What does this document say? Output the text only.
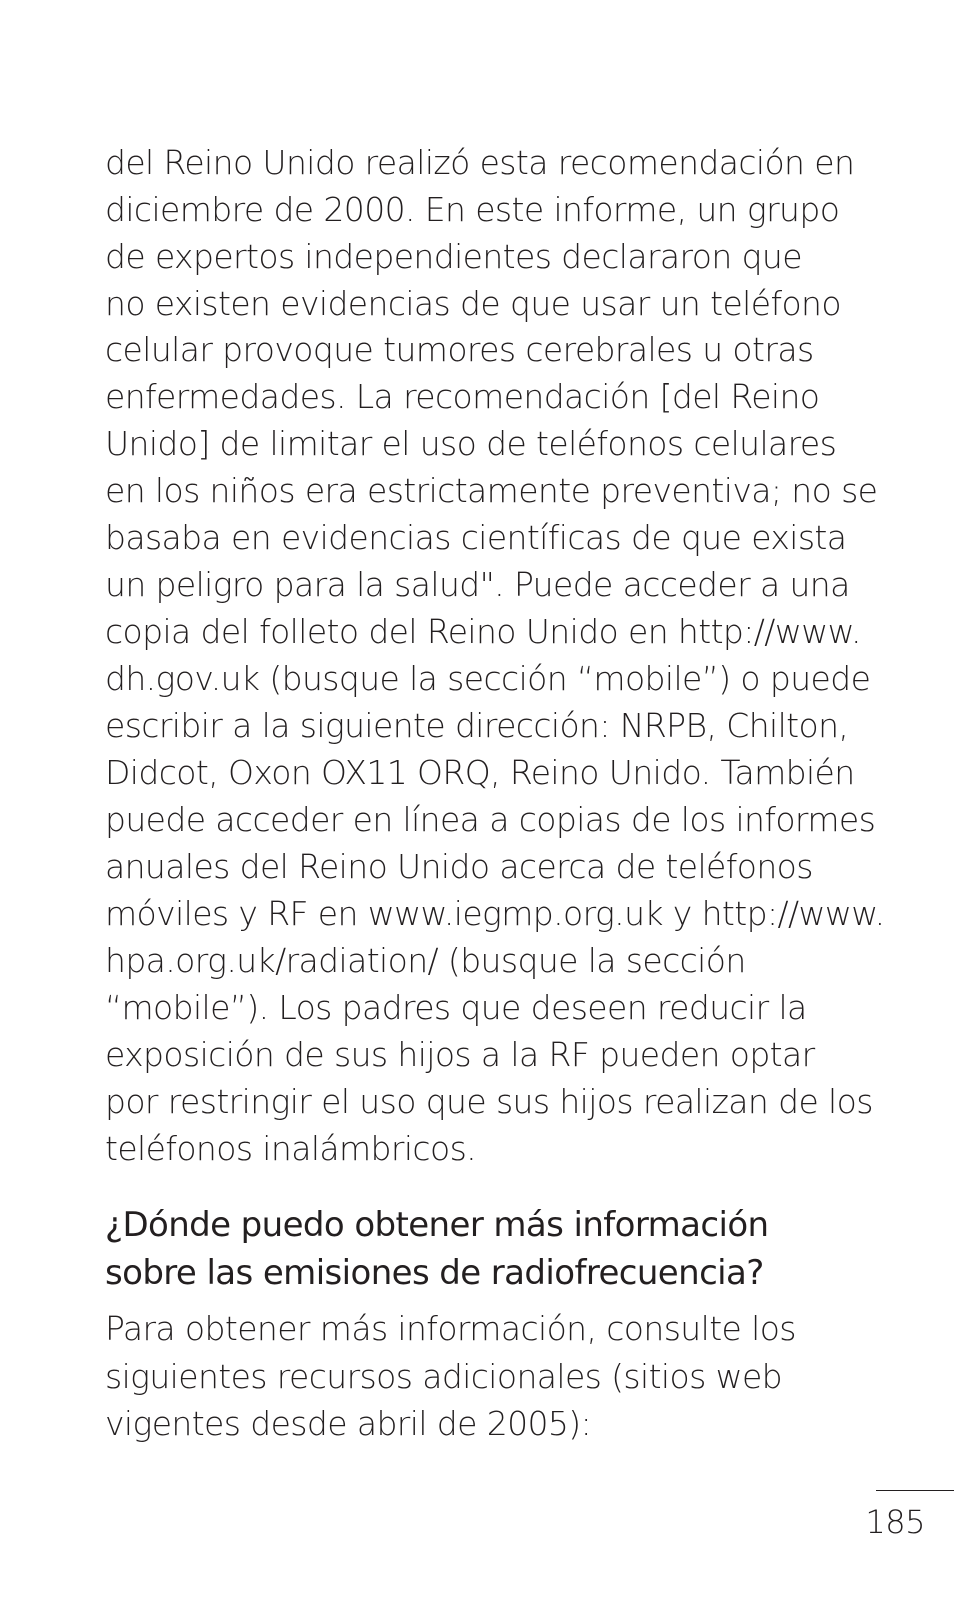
del Reino Unido realizó esta recomendación en
diciembre de 2000. En este informe, un grupo
de expertos independientes declararon que
no existen evidencias de que usar un teléfono
celular provoque tumores cerebrales u otras
enfermedades. La recomendación [del Reino
Unido] de limitar el uso de teléfonos celulares
en los niños era estrictamente preventiva; no se
basaba en evidencias científicas de que exista
un peligro para la salud". Puede acceder a una
copia del folleto del Reino Unido en http://www.
dh.gov.uk (busque la sección “mobile”) o puede
escribir a la siguiente dirección: NRPB, Chilton,
Didcot, Oxon OX11 ORQ, Reino Unido. También
puede acceder en línea a copias de los informes
anuales del Reino Unido acerca de teléfonos
móviles y RF en www.iegmp.org.uk y http://www.
hpa.org.uk/radiation/ (busque la sección
“mobile”). Los padres que deseen reducir la
exposición de sus hijos a la RF pueden optar
por restringir el uso que sus hijos realizan de los
teléfonos inalámbricos.
¿Dónde puedo obtener más información
sobre las emisiones de radiofrecuencia?
Para obtener más información, consulte los
siguientes recursos adicionales (sitios web
vigentes desde abril de 2005):
185
